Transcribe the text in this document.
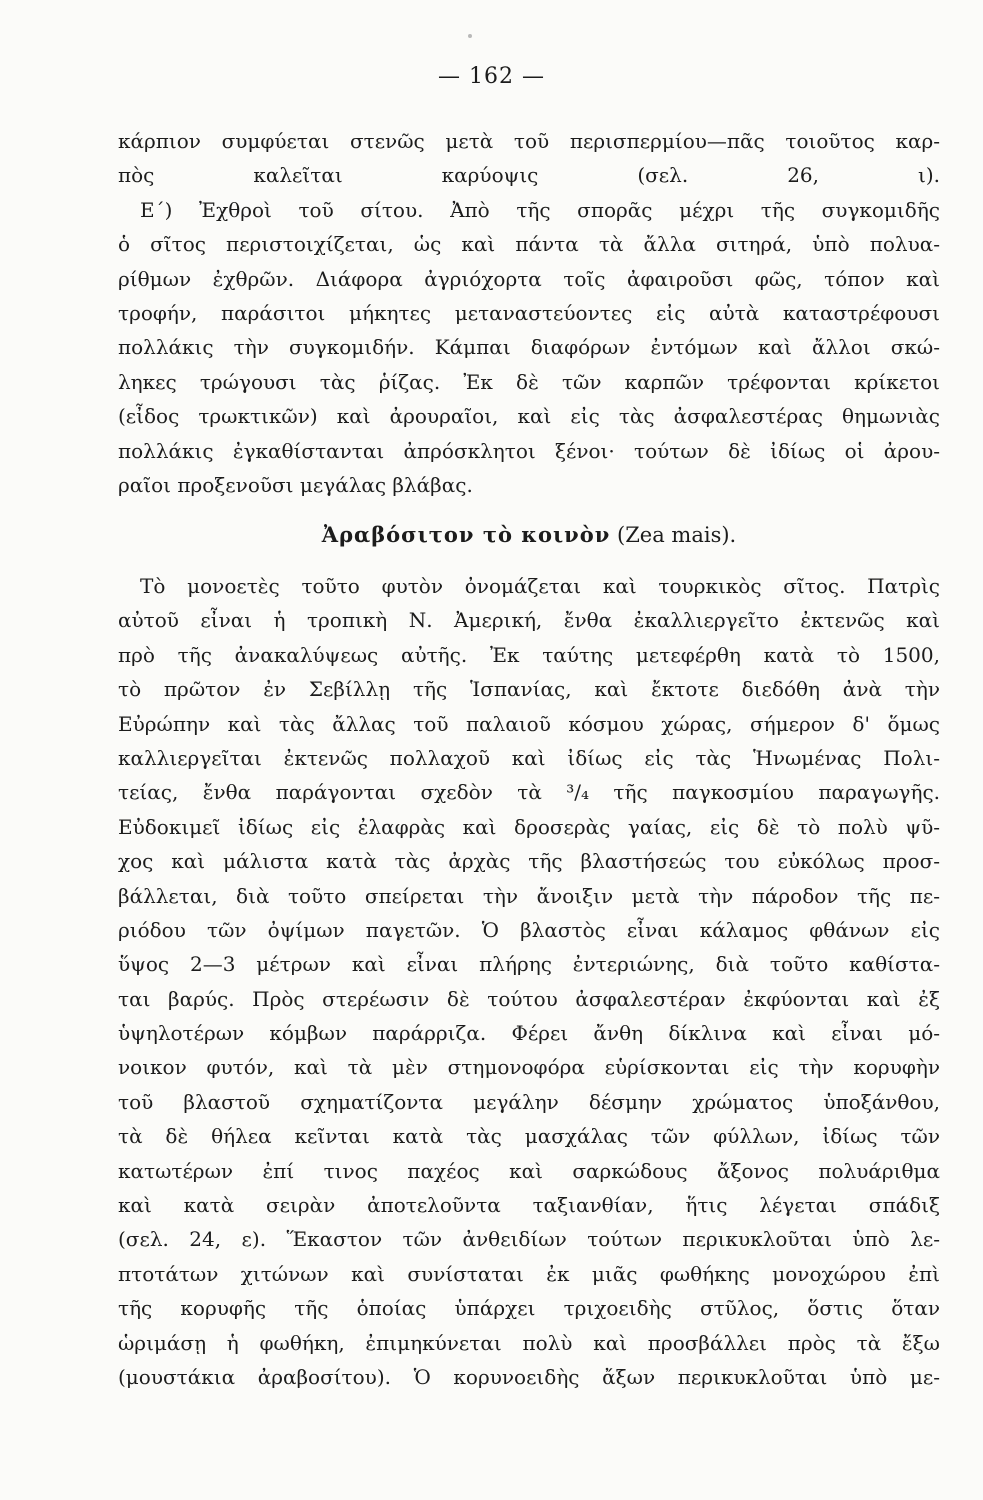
— 162 —
κάρπιον συμφύεται στενῶς μετὰ τοῦ περισπερμίου—πᾶς τοιοῦτος καρ-
πὸς καλεῖται καρύοψις (σελ. 26, ι).
Ε΄) Ἐχθροὶ τοῦ σίτου. Ἀπὸ τῆς σπορᾶς μέχρι τῆς συγκομιδῆς
ὁ σῖτος περιστοιχίζεται, ὡς καὶ πάντα τὰ ἄλλα σιτηρά, ὑπὸ πολυα-
ρίθμων ἐχθρῶν. Διάφορα ἀγριόχορτα τοῖς ἀφαιροῦσι φῶς, τόπον καὶ
τροφήν, παράσιτοι μήκητες μεταναστεύοντες εἰς αὐτὰ καταστρέφουσι
πολλάκις τὴν συγκομιδήν. Κάμπαι διαφόρων ἐντόμων καὶ ἄλλοι σκώ-
ληκες τρώγουσι τὰς ῥίζας. Ἐκ δὲ τῶν καρπῶν τρέφονται κρίκετοι
(εἶδος τρωκτικῶν) καὶ ἀρουραῖοι, καὶ εἰς τὰς ἀσφαλεστέρας θημωνιὰς
πολλάκις ἐγκαθίστανται ἀπρόσκλητοι ξένοι· τούτων δὲ ἰδίως οἱ ἀρου-
ραῖοι προξενοῦσι μεγάλας βλάβας.
Ἀραβόσιτον τὸ κοινὸν (Zea mais).
Τὸ μονοετὲς τοῦτο φυτὸν ὀνομάζεται καὶ τουρκικὸς σῖτος. Πατρὶς
αὐτοῦ εἶναι ἡ τροπικὴ Ν. Ἀμερική, ἔνθα ἐκαλλιεργεῖτο ἐκτενῶς καὶ
πρὸ τῆς ἀνακαλύψεως αὐτῆς. Ἐκ ταύτης μετεφέρθη κατὰ τὸ 1500,
τὸ πρῶτον ἐν Σεβίλλῃ τῆς Ἱσπανίας, καὶ ἔκτοτε διεδόθη ἀνὰ τὴν
Εὐρώπην καὶ τὰς ἄλλας τοῦ παλαιοῦ κόσμου χώρας, σήμερον δ' ὅμως
καλλιεργεῖται ἐκτενῶς πολλαχοῦ καὶ ἰδίως εἰς τὰς Ἡνωμένας Πολι-
τείας, ἔνθα παράγονται σχεδὸν τὰ ³/₄ τῆς παγκοσμίου παραγωγῆς.
Εὐδοκιμεῖ ἰδίως εἰς ἐλαφρὰς καὶ δροσερὰς γαίας, εἰς δὲ τὸ πολὺ ψῦ-
χος καὶ μάλιστα κατὰ τὰς ἀρχὰς τῆς βλαστήσεώς του εὐκόλως προσ-
βάλλεται, διὰ τοῦτο σπείρεται τὴν ἄνοιξιν μετὰ τὴν πάροδον τῆς πε-
ριόδου τῶν ὀψίμων παγετῶν. Ὁ βλαστὸς εἶναι κάλαμος φθάνων εἰς
ὕψος 2—3 μέτρων καὶ εἶναι πλήρης ἐντεριώνης, διὰ τοῦτο καθίστα-
ται βαρύς. Πρὸς στερέωσιν δὲ τούτου ἀσφαλεστέραν ἐκφύονται καὶ ἐξ
ὑψηλοτέρων κόμβων παράρριζα. Φέρει ἄνθη δίκλινα καὶ εἶναι μό-
νοικον φυτόν, καὶ τὰ μὲν στημονοφόρα εὑρίσκονται εἰς τὴν κορυφὴν
τοῦ βλαστοῦ σχηματίζοντα μεγάλην δέσμην χρώματος ὑποξάνθου,
τὰ δὲ θήλεα κεῖνται κατὰ τὰς μασχάλας τῶν φύλλων, ἰδίως τῶν
κατωτέρων ἐπί τινος παχέος καὶ σαρκώδους ἄξονος πολυάριθμα
καὶ κατὰ σειρὰν ἀποτελοῦντα ταξιανθίαν, ἥτις λέγεται σπάδιξ
(σελ. 24, ε). Ἕκαστον τῶν ἀνθειδίων τούτων περικυκλοῦται ὑπὸ λε-
πτοτάτων χιτώνων καὶ συνίσταται ἐκ μιᾶς φωθήκης μονοχώρου ἐπὶ
τῆς κορυφῆς τῆς ὁποίας ὑπάρχει τριχοειδὴς στῦλος, ὅστις ὅταν
ὡριμάσῃ ἡ φωθήκη, ἐπιμηκύνεται πολὺ καὶ προσβάλλει πρὸς τὰ ἔξω
(μουστάκια ἀραβοσίτου). Ὁ κορυνοειδὴς ἄξων περικυκλοῦται ὑπὸ με-
